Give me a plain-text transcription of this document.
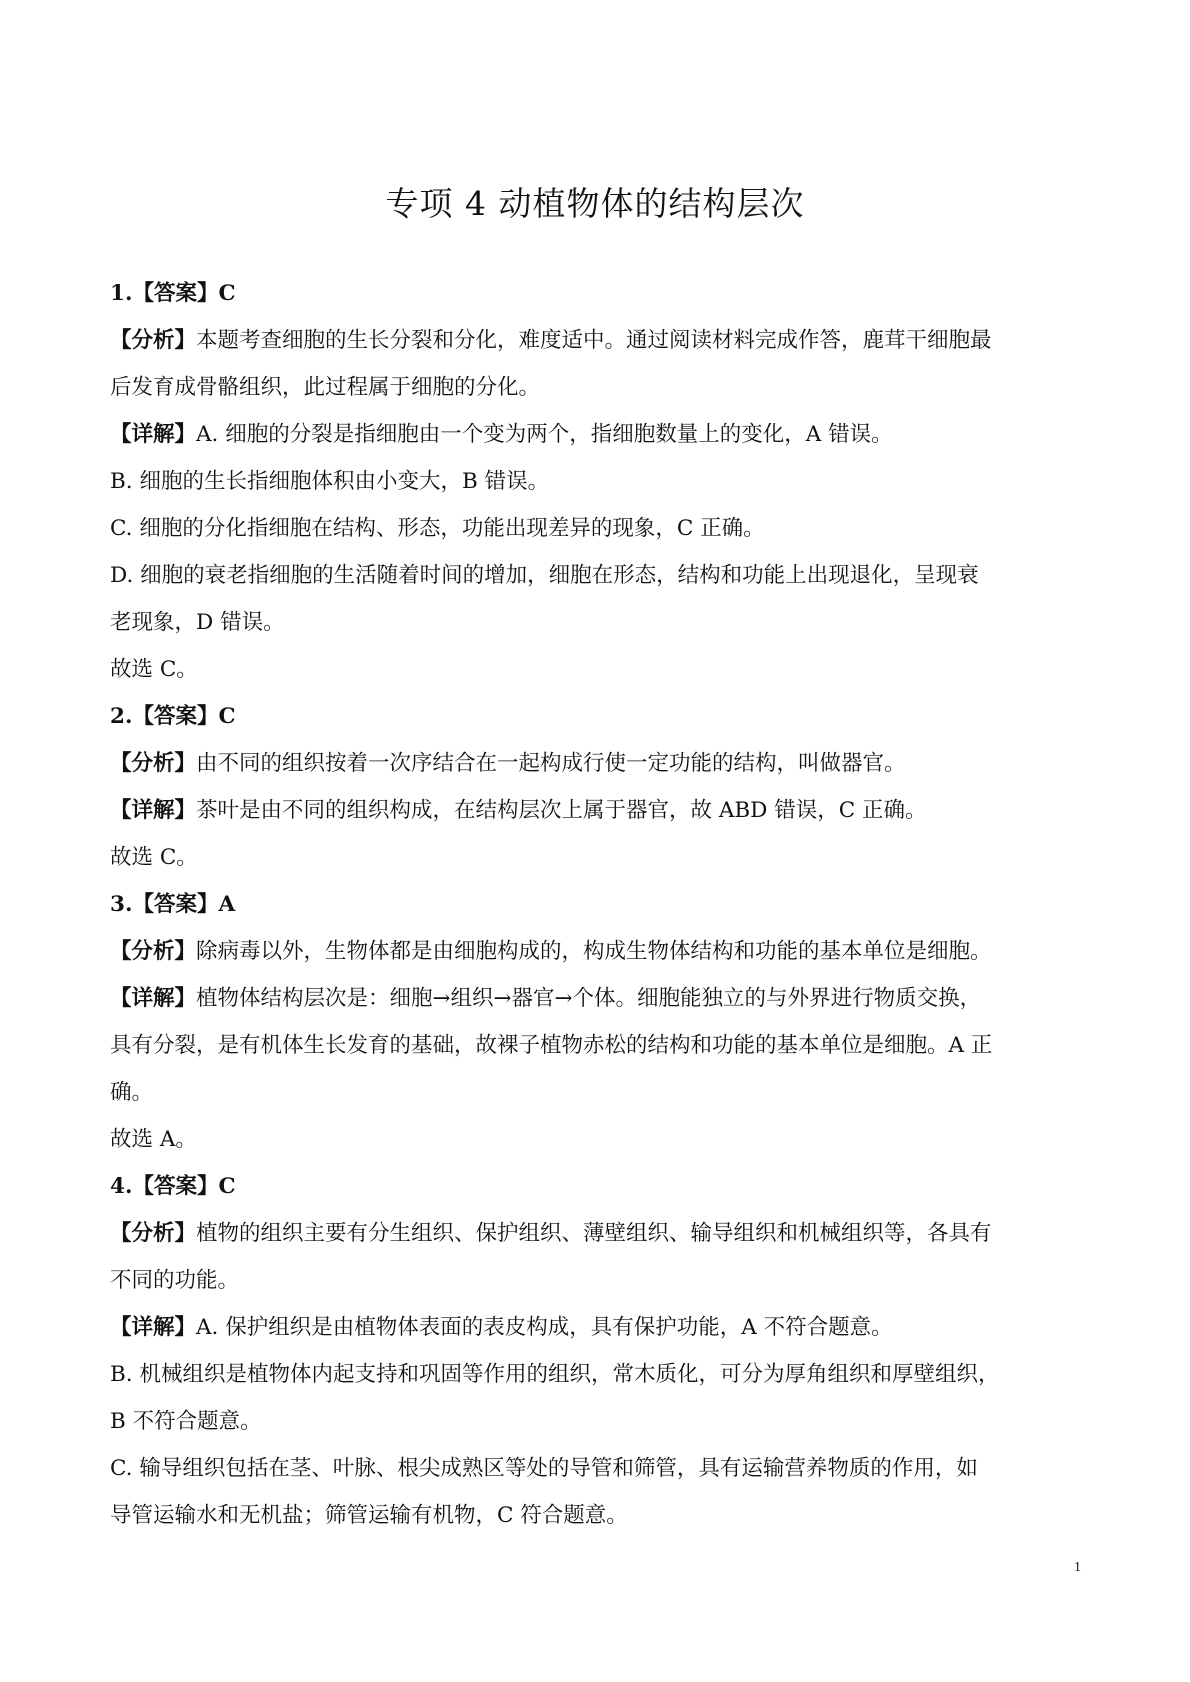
专项 4 动植物体的结构层次
1.【答案】C
【分析】本题考查细胞的生长分裂和分化，难度适中。通过阅读材料完成作答，鹿茸干细胞最
后发育成骨骼组织，此过程属于细胞的分化。
【详解】A. 细胞的分裂是指细胞由一个变为两个，指细胞数量上的变化，A 错误。
B. 细胞的生长指细胞体积由小变大，B 错误。
C. 细胞的分化指细胞在结构、形态，功能出现差异的现象，C 正确。
D. 细胞的衰老指细胞的生活随着时间的增加，细胞在形态，结构和功能上出现退化，呈现衰
老现象，D 错误。
故选 C。
2.【答案】C
【分析】由不同的组织按着一次序结合在一起构成行使一定功能的结构，叫做器官。
【详解】茶叶是由不同的组织构成，在结构层次上属于器官，故 ABD 错误，C 正确。
故选 C。
3.【答案】A
【分析】除病毒以外，生物体都是由细胞构成的，构成生物体结构和功能的基本单位是细胞。
【详解】植物体结构层次是：细胞→组织→器官→个体。细胞能独立的与外界进行物质交换，
具有分裂，是有机体生长发育的基础，故裸子植物赤松的结构和功能的基本单位是细胞。A 正
确。
故选 A。
4.【答案】C
【分析】植物的组织主要有分生组织、保护组织、薄壁组织、输导组织和机械组织等，各具有
不同的功能。
【详解】A. 保护组织是由植物体表面的表皮构成，具有保护功能，A 不符合题意。
B. 机械组织是植物体内起支持和巩固等作用的组织，常木质化，可分为厚角组织和厚壁组织，
B 不符合题意。
C. 输导组织包括在茎、叶脉、根尖成熟区等处的导管和筛管，具有运输营养物质的作用，如
导管运输水和无机盐；筛管运输有机物，C 符合题意。
1
